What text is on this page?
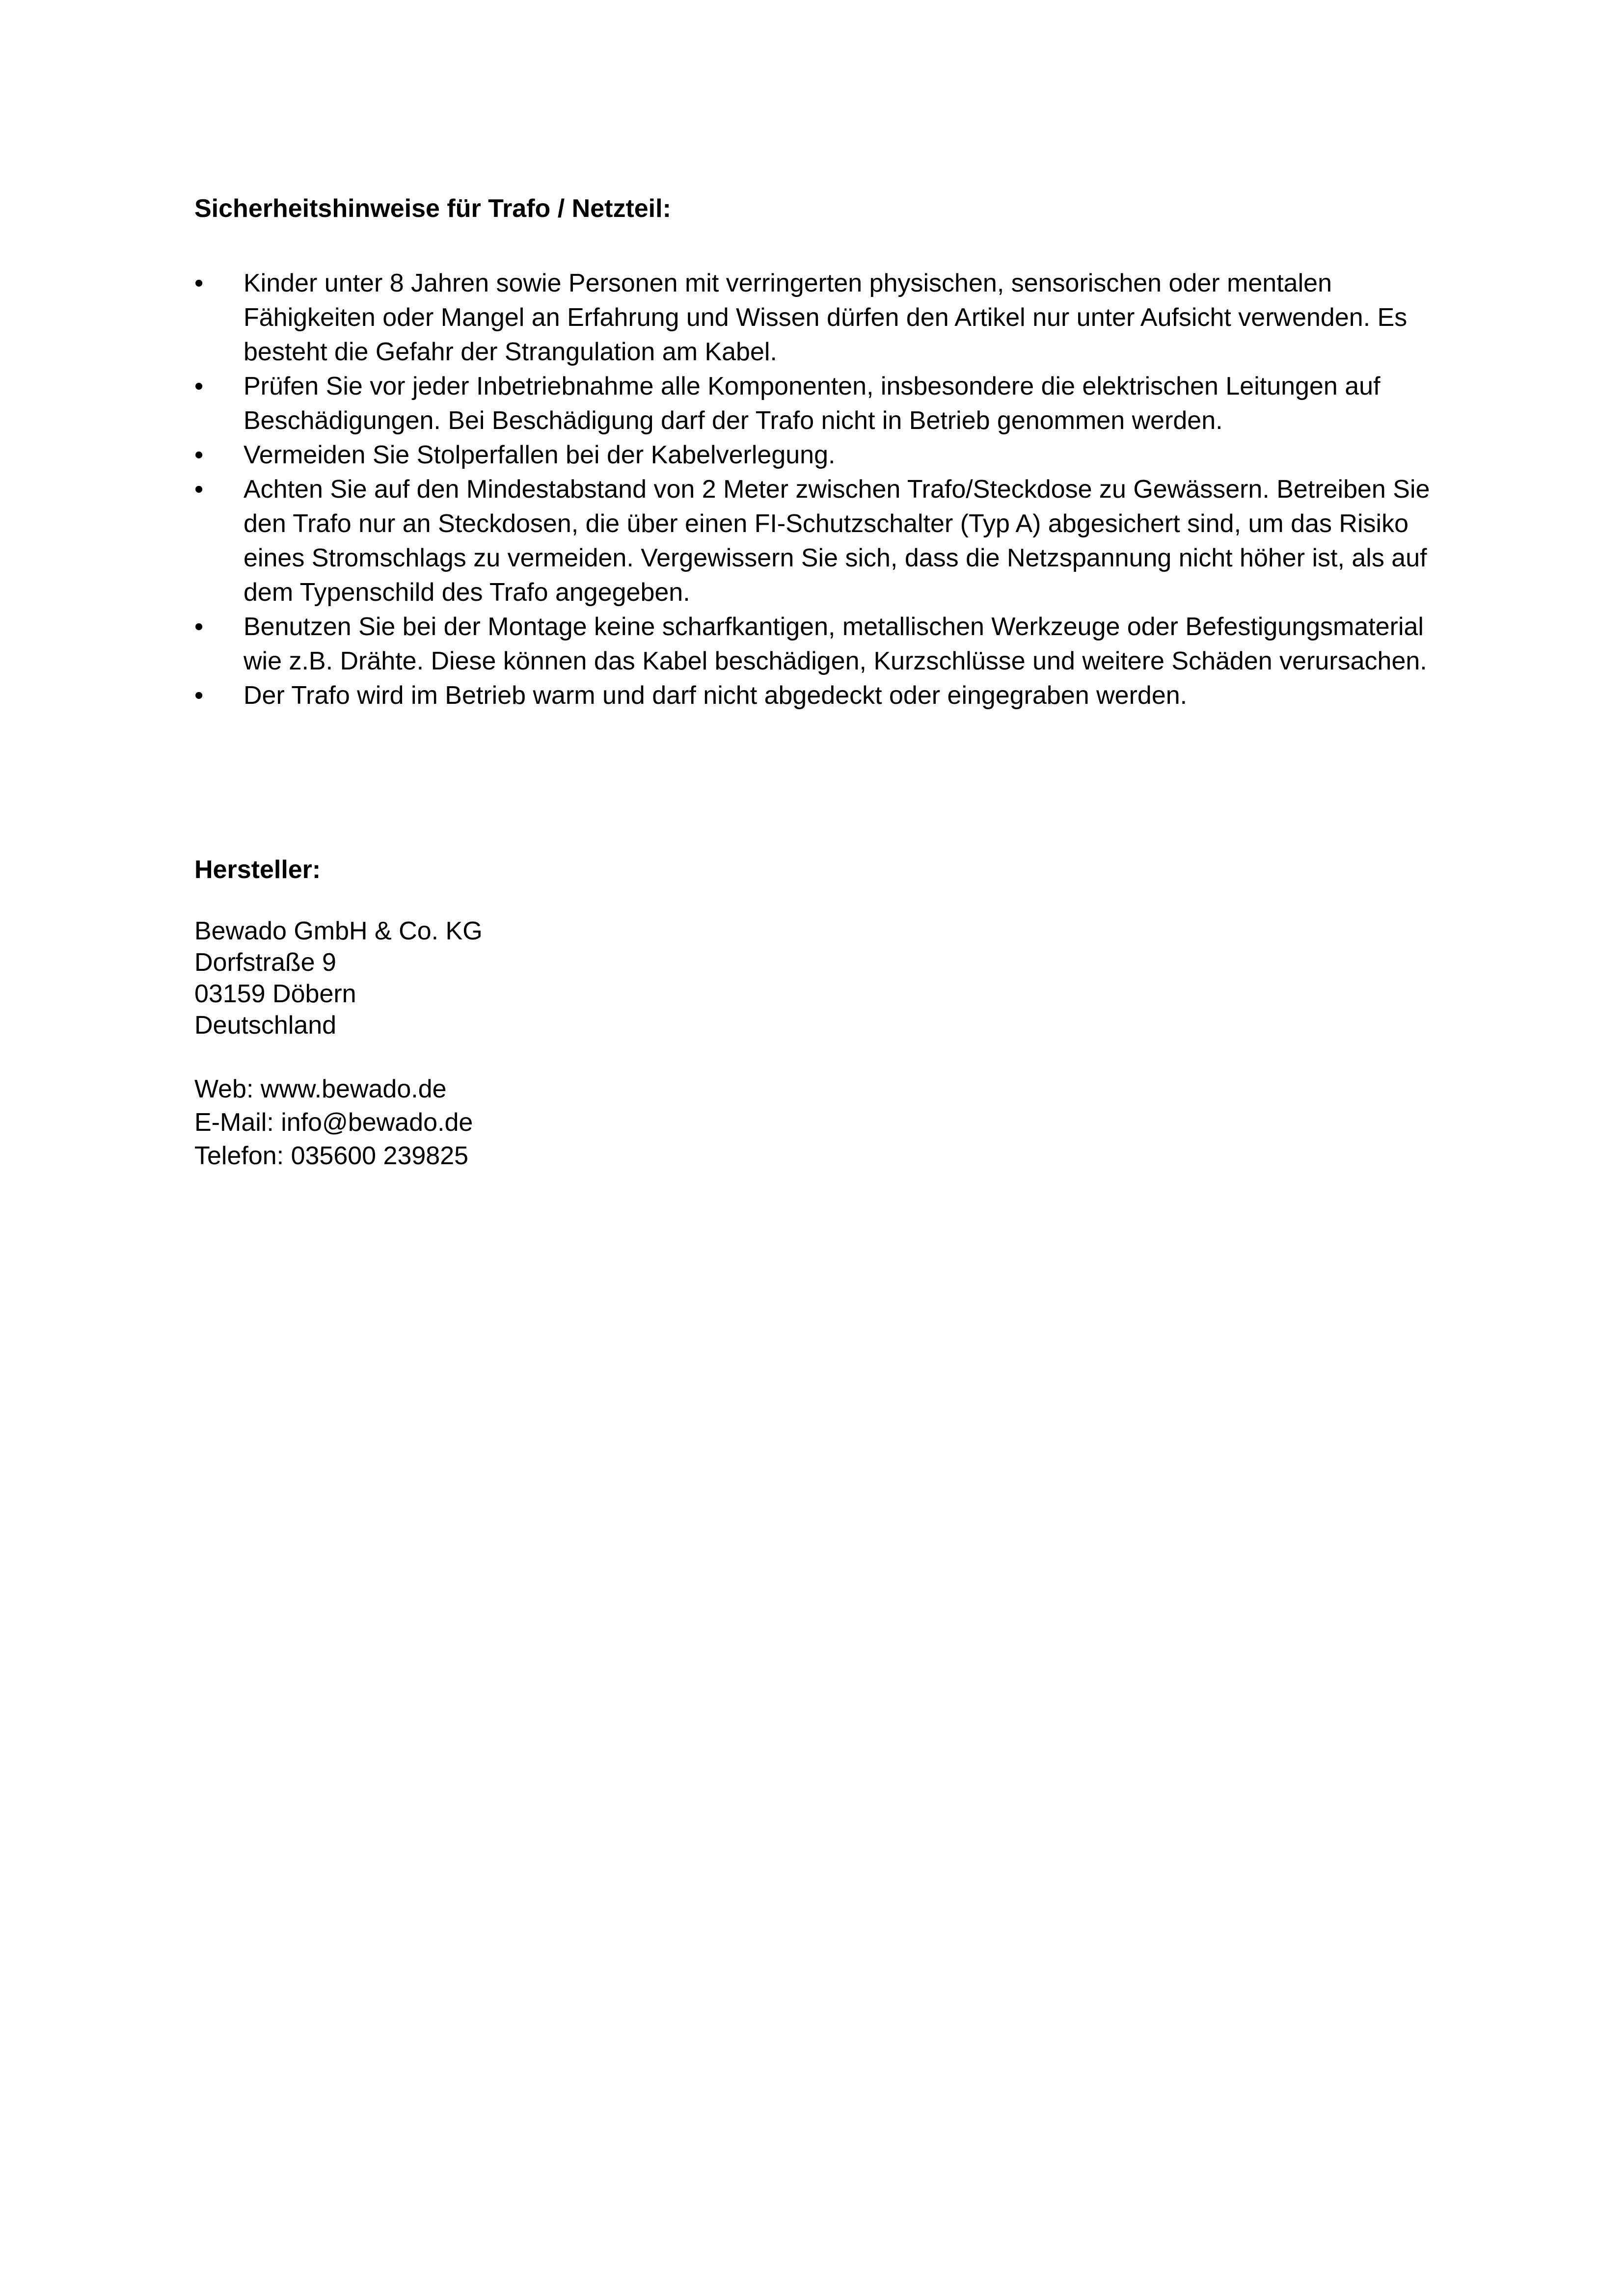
Sicherheitshinweise für Trafo / Netzteil:

• Kinder unter 8 Jahren sowie Personen mit verringerten physischen, sensorischen oder mentalen Fähigkeiten oder Mangel an Erfahrung und Wissen dürfen den Artikel nur unter Aufsicht verwenden. Es besteht die Gefahr der Strangulation am Kabel.
• Prüfen Sie vor jeder Inbetriebnahme alle Komponenten, insbesondere die elektrischen Leitungen auf Beschädigungen. Bei Beschädigung darf der Trafo nicht in Betrieb genommen werden.
• Vermeiden Sie Stolperfallen bei der Kabelverlegung.
• Achten Sie auf den Mindestabstand von 2 Meter zwischen Trafo/Steckdose zu Gewässern. Betreiben Sie den Trafo nur an Steckdosen, die über einen FI-Schutzschalter (Typ A) abgesichert sind, um das Risiko eines Stromschlags zu vermeiden. Vergewissern Sie sich, dass die Netzspannung nicht höher ist, als auf dem Typenschild des Trafo angegeben.
• Benutzen Sie bei der Montage keine scharfkantigen, metallischen Werkzeuge oder Befestigungsmaterial wie z.B. Drähte. Diese können das Kabel beschädigen, Kurzschlüsse und weitere Schäden verursachen.
• Der Trafo wird im Betrieb warm und darf nicht abgedeckt oder eingegraben werden.

Hersteller:

Bewado GmbH & Co. KG
Dorfstraße 9
03159 Döbern
Deutschland
Web: www.bewado.de
E-Mail: info@bewado.de
Telefon: 035600 239825
